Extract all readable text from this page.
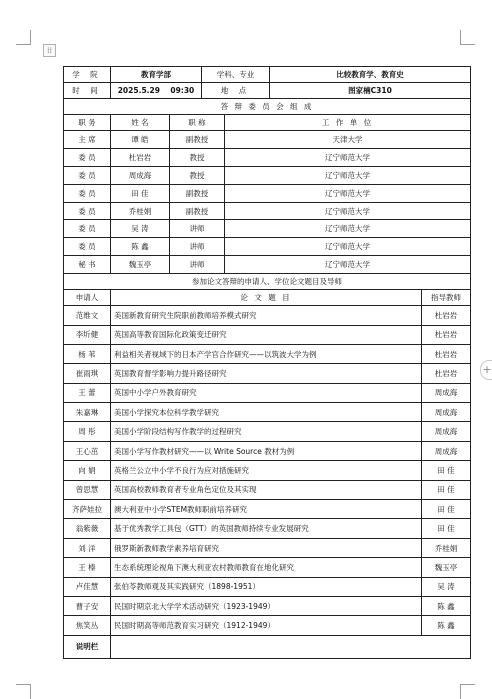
⁞⁞
+
学 院	教育学部		学科、专业		比较教育学、教育史	
时 间	2025.5.29 09:30		地 点		图家楠C310	
答 辩 委 员 会 组 成						
职 务	姓 名	职 称		工 作 单 位		
主 席	谭 皓	副教授		天津大学		
委 员	杜岩岩	教授		辽宁师范大学		
委 员	周成海	教授		辽宁师范大学		
委 员	田 佳	副教授		辽宁师范大学		
委 员	乔桂娟	副教授		辽宁师范大学		
委 员	吴 涛	讲师		辽宁师范大学		
委 员	陈 鑫	讲师		辽宁师范大学		
秘 书	魏玉亭	讲师		辽宁师范大学		
参加论文答辩的申请人、学位论文题目及导师						
申请人	论 文 题 目					指导教师
范维文	美国新教育研究生院职前教师培养模式研究					杜岩岩
李圻健	英国高等教育国际化政策变迁研究					杜岩岩
杨 苇	利益相关者视域下的日本产学官合作研究——以筑波大学为例					杜岩岩
崔雨琪	英国教育督学影响力提升路径研究					杜岩岩
王 蕾	英国中小学户外教育研究					周成海
朱嘉琳	美国小学探究本位科学教学研究					周成海
周 彤	美国小学阶段结构写作教学的过程研究					周成海
王心茁	美国小学写作教材研究——以 Write Source 教材为例					周成海
向 娟	英格兰公立中小学不良行为应对措施研究					田 佳
曾思慧	英国高校教师教育者专业角色定位及其实现					田 佳
齐萨娃拉	澳大利亚中小学STEM教师职前培养研究					田 佳
翁紫薇	基于优秀教学工具包（GTT）的英国教师持续专业发展研究					田 佳
刘 洋	俄罗斯新教师教学素养培育研究					乔桂娟
王 榛	生态系统理论视角下澳大利亚农村教师教育在地化研究					魏玉亭
卢佳慧	张伯苓教师观及其实践研究（1898-1951）					吴 涛
曹子安	民国时期京北大学学术活动研究（1923-1949）					陈 鑫
焦笑丛	民国时期高等师范教育实习研究（1912-1949）					陈 鑫
说明栏						
